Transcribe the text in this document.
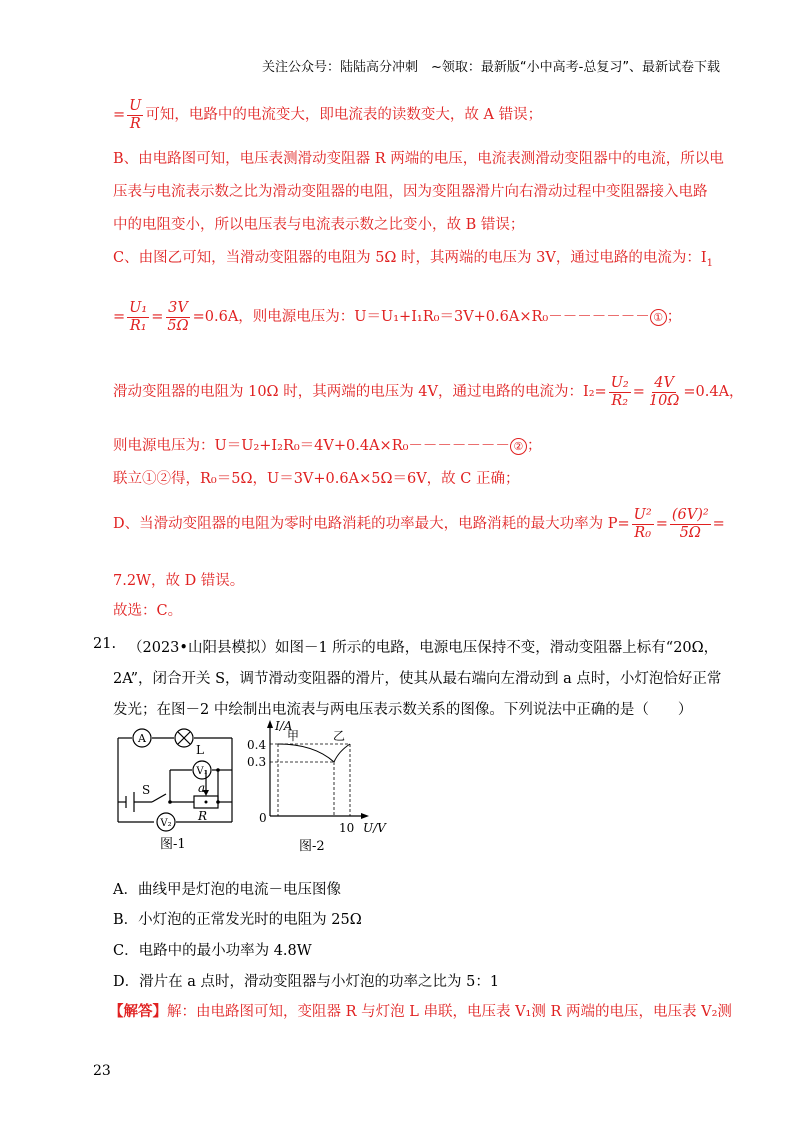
关注公众号：陆陆高分冲刺　~领取：最新版“小中高考-总复习”、最新试卷下载
= $\frac{U}{R}$ 可知，电路中的电流变大，即电流表的读数变大，故 A 错误；
B、由电路图可知，电压表测滑动变阻器 R 两端的电压，电流表测滑动变阻器中的电流，所以电
压表与电流表示数之比为滑动变阻器的电阻，因为变阻器滑片向右滑动过程中变阻器接入电路
中的电阻变小，所以电压表与电流表示数之比变小，故 B 错误；
C、由图乙可知，当滑动变阻器的电阻为 5Ω 时，其两端的电压为 3V，通过电路的电流为：$I_1$
= $\frac{\text{U₁}}{\text{R₁}} = \frac{3V}{5\Omega} =0.6A$，则电源电压为：U＝U₁+I₁R₀＝3V+0.6A×R₀－－－－－－－ ① ；
滑动变阻器的电阻为 10Ω 时，其两端的电压为 4V，通过电路的电流为：$I_2= \frac{\text{U₂}}{\text{R₂}} = \frac{4V}{10\Omega} =0.4A$，
则电源电压为：U＝U₂+I₂R₀＝4V+0.4A×R₀－－－－－－－ ② ；
联立①②得，R₀＝5Ω，U＝3V+0.6A×5Ω＝6V，故 C 正确；
D、当滑动变阻器的电阻为零时电路消耗的功率最大，电路消耗的最大功率为 $P= \frac{\text{U²}}{\text{R₀}} = \frac{\text{(6V)²}}{5\Omega}$ =
7.2W，故 D 错误。
故选：C。
21. （2023•山阳县模拟）如图－1 所示的电路，电源电压保持不变，滑动变阻器上标有“20Ω，
2A”，闭合开关 S，调节滑动变阻器的滑片，使其从最右端向左滑动到 a 点时，小灯泡恰好正常
发光；在图－2 中绘制出电流表与两电压表示数关系的图像。下列说法中正确的是（　　）
A
L
V₁
V₂
S	a
R
图-1
I/A
U/V
0
0.4
0.3
10
甲	乙
图-2
A．曲线甲是灯泡的电流－电压图像
B．小灯泡的正常发光时的电阻为 25Ω
C．电路中的最小功率为 4.8W
D．滑片在 a 点时，滑动变阻器与小灯泡的功率之比为 5：1
【解答】解：由电路图可知，变阻器 R 与灯泡 L 串联，电压表 V₁测 R 两端的电压，电压表 V₂测
23
